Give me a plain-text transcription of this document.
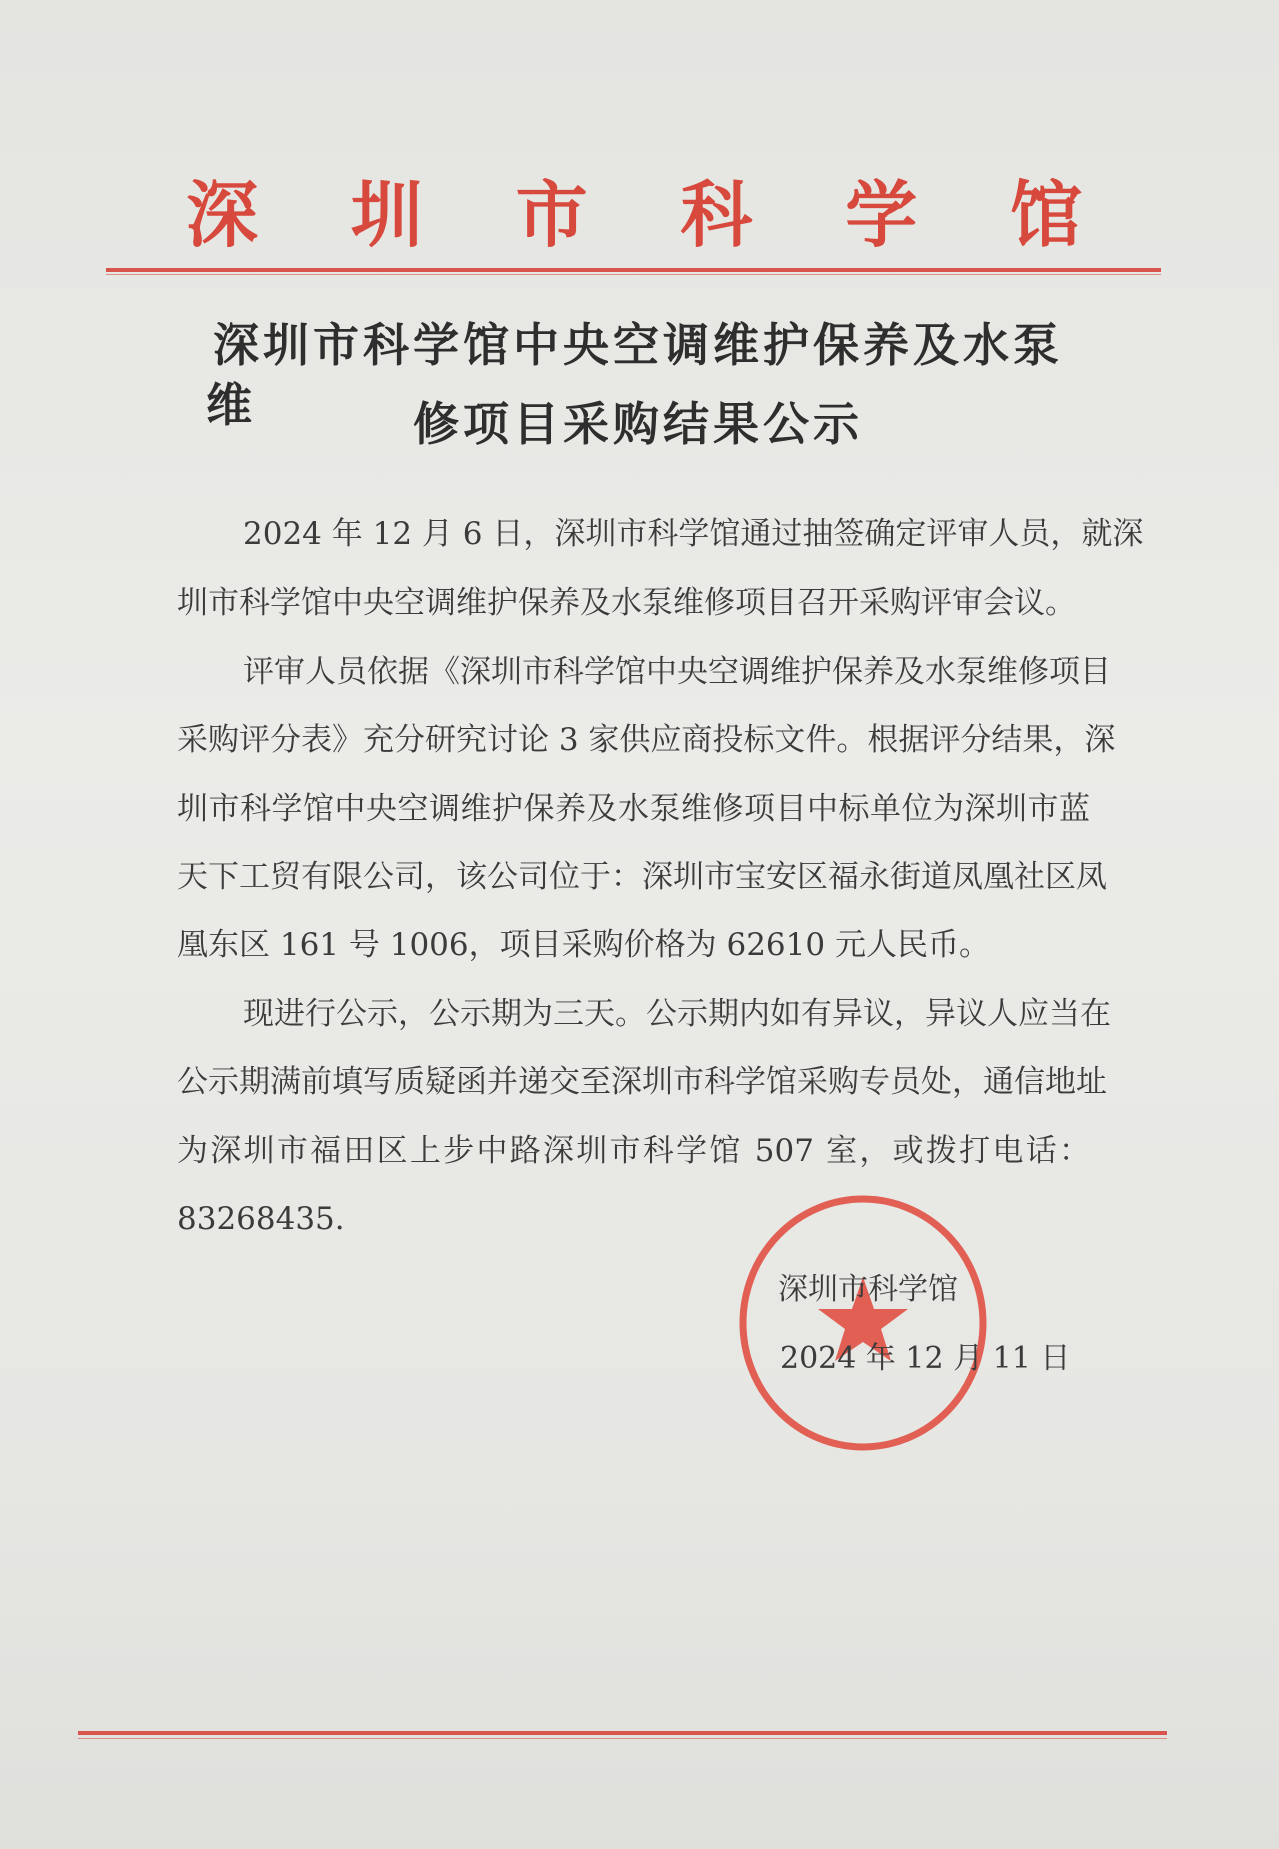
深 圳 市 科 学 馆
深圳市科学馆中央空调维护保养及水泵维	修项目采购结果公示
2024 年 12 月 6 日，深圳市科学馆通过抽签确定评审人员，就深
圳市科学馆中央空调维护保养及水泵维修项目召开采购评审会议。
评审人员依据《深圳市科学馆中央空调维护保养及水泵维修项目
采购评分表》充分研究讨论 3 家供应商投标文件。根据评分结果，深
圳市科学馆中央空调维护保养及水泵维修项目中标单位为深圳市蓝
天下工贸有限公司，该公司位于：深圳市宝安区福永街道凤凰社区凤
凰东区 161 号 1006，项目采购价格为 62610 元人民币。
现进行公示，公示期为三天。公示期内如有异议，异议人应当在
公示期满前填写质疑函并递交至深圳市科学馆采购专员处，通信地址
为深圳市福田区上步中路深圳市科学馆 507 室，或拨打电话：
83268435.
深圳市科学馆
2024 年 12 月 11 日
